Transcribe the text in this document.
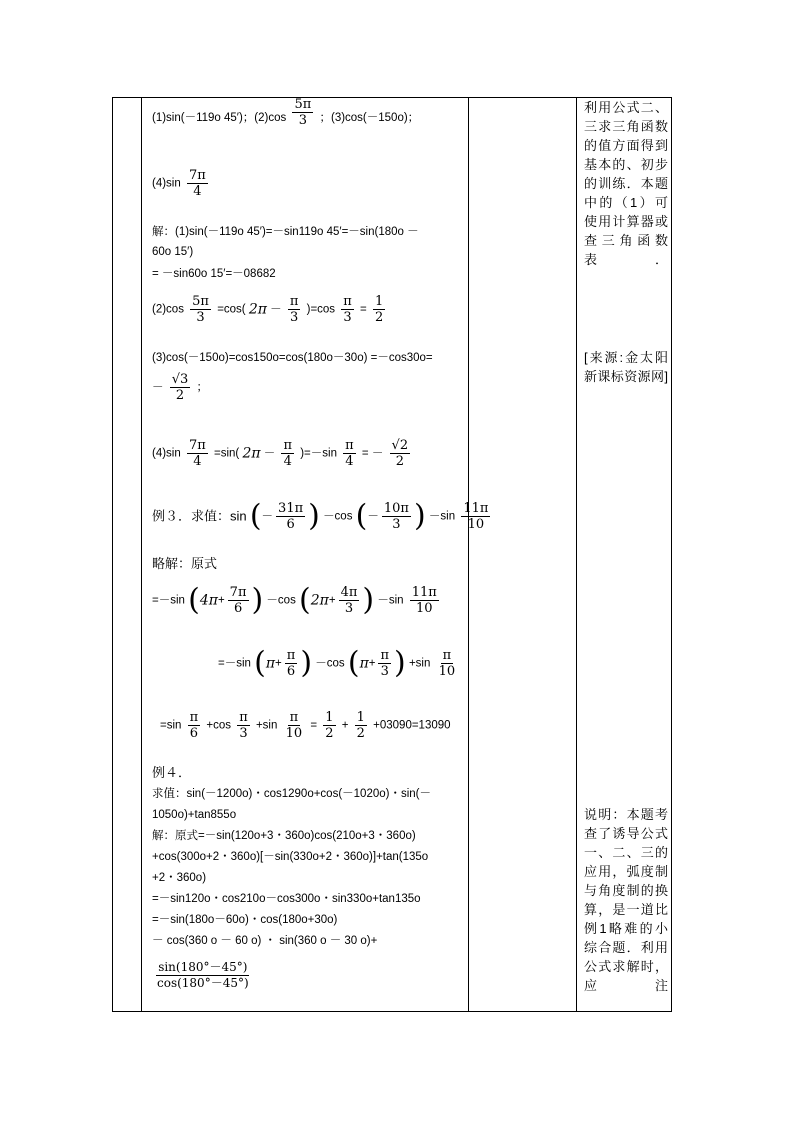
(1)sin(－119o 45′)；$(2)\cos \frac{5\pi}{3}$ ；(3)cos(－150o)；
$(4)\sin \frac{7\pi}{4}$
解：(1)sin(－119o 45′)=－sin119o 45′=－sin(180o －
60o 15′)
= －sin60o 15′=－08682
$(2)\cos \frac{5\pi}{3} =\cos$( $2\pi - \frac{\pi}{3} )=\cos \frac{\pi}{3} = \frac{1}{2}$
(3)cos(－150o)=cos150o=cos(180o－30o) =－cos30o=
－ $\frac{√3}{2}$ ；
$(4)\sin \frac{7\pi}{4} =\sin$( $2\pi - \frac{\pi}{4} )=-\sin \frac{\pi}{4}$ = － $\frac{√2}{2}$
例３．求值：sin (－ $\frac{31\pi}{6}$ ) －cos (－ $\frac{10\pi}{3}$ ) $-\sin \frac{11\pi}{10}$
略解：原式
=－sin ($4\pi+ \frac{7\pi}{6}$ ) －cos ($2\pi+ \frac{4\pi}{3}$ ) $-\sin \frac{11\pi}{10}$
=－sin ($\pi+ \frac{\pi}{6}$ ) －cos ($\pi+ \frac{\pi}{3}$ ) $+\sin \frac{\pi}{10}$
$=\sin \frac{\pi}{6} +\cos \frac{\pi}{3} +\sin \frac{\pi}{10} = \frac{1}{2} + \frac{1}{2} +03090=13090$
例４．
求值：sin(－1200o)・cos1290o+cos(－1020o)・sin(－
1050o)+tan855o
解：原式=－sin(120o+3・360o)cos(210o+3・360o)
+cos(300o+2・360o)[－sin(330o+2・360o)]+tan(135o
+2・360o)
=－sin120o・cos210o－cos300o・sin330o+tan135o
=－sin(180o－60o)・cos(180o+30o)
－ cos(360 o － 60 o) ・ sin(360 o － 30 o)+
$\frac{\sin(180^\circ-45^\circ)}{\cos(180^\circ-45^\circ)}$

利用公式二、三求三角函数的值方面得到基本的、初步的训练．本题中的（1）可使用计算器或查三角函数表．

[来源:金太阳新课标资源网]

说明：本题考查了诱导公式一、二、三的应用，弧度制与角度制的换算，是一道比例1略难的小综合题．利用公式求解时，应注
